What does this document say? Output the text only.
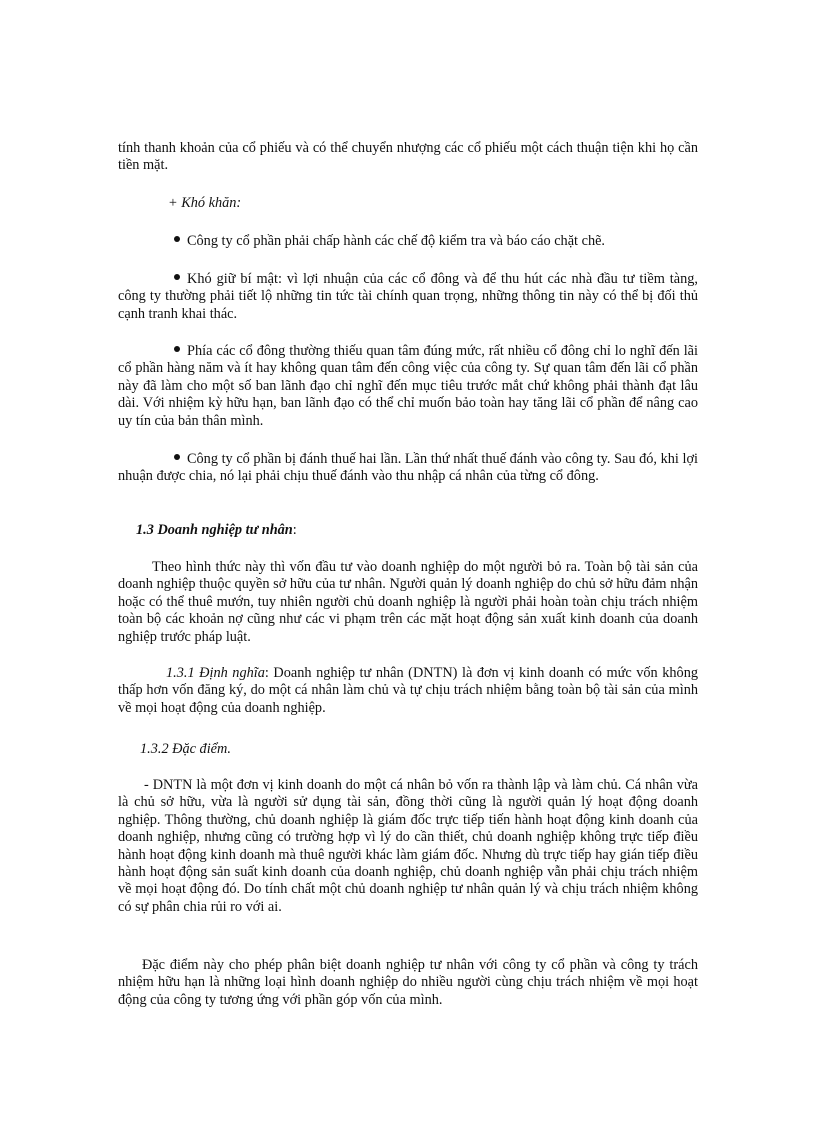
tính thanh khoản của cổ phiếu và có thể chuyển nhượng các cổ phiếu một cách thuận tiện khi họ cần tiền mặt.

+ Khó khăn:

Công ty cổ phần phải chấp hành các chế độ kiểm tra và báo cáo chặt chẽ.

Khó giữ bí mật: vì lợi nhuận của các cổ đông và để thu hút các nhà đầu tư tiềm tàng, công ty thường phải tiết lộ những tin tức tài chính quan trọng, những thông tin này có thể bị đối thủ cạnh tranh khai thác.

Phía các cổ đông thường thiếu quan tâm đúng mức, rất nhiều cổ đông chỉ lo nghĩ đến lãi cổ phần hàng năm và ít hay không quan tâm đến công việc của công ty. Sự quan tâm đến lãi cổ phần này đã làm cho một số ban lãnh đạo chỉ nghĩ đến mục tiêu trước mắt chứ không phải thành đạt lâu dài. Với nhiệm kỳ hữu hạn, ban lãnh đạo có thể chỉ muốn bảo toàn hay tăng lãi cổ phần để nâng cao uy tín của bản thân mình.

Công ty cổ phần bị đánh thuế hai lần. Lần thứ nhất thuế đánh vào công ty. Sau đó, khi lợi nhuận được chia, nó lại phải chịu thuế đánh vào thu nhập cá nhân của từng cổ đông.

1.3 Doanh nghiệp tư nhân:

Theo hình thức này thì vốn đầu tư vào doanh nghiệp do một người bỏ ra. Toàn bộ tài sản của doanh nghiệp thuộc quyền sở hữu của tư nhân. Người quản lý doanh nghiệp do chủ sở hữu đảm nhận hoặc có thể thuê mướn, tuy nhiên người chủ doanh nghiệp là người phải hoàn toàn chịu trách nhiệm toàn bộ các khoản nợ cũng như các vi phạm trên các mặt hoạt động sản xuất kinh doanh của doanh nghiệp trước pháp luật.

1.3.1 Định nghĩa: Doanh nghiệp tư nhân (DNTN) là đơn vị kinh doanh có mức vốn không thấp hơn vốn đăng ký, do một cá nhân làm chủ và tự chịu trách nhiệm bằng toàn bộ tài sản của mình về mọi hoạt động của doanh nghiệp.

1.3.2 Đặc điểm.

- DNTN là một đơn vị kinh doanh do một cá nhân bỏ vốn ra thành lập và làm chủ. Cá nhân vừa là chủ sở hữu, vừa là người sử dụng tài sản, đồng thời cũng là người quản lý hoạt động doanh nghiệp. Thông thường, chủ doanh nghiệp là giám đốc trực tiếp tiến hành hoạt động kinh doanh của doanh nghiệp, nhưng cũng có trường hợp vì lý do cần thiết, chủ doanh nghiệp không trực tiếp điều hành hoạt động kinh doanh mà thuê người khác làm giám đốc. Nhưng dù trực tiếp hay gián tiếp điều hành hoạt động sản suất kinh doanh của doanh nghiệp, chủ doanh nghiệp vẫn phải chịu trách nhiệm về mọi hoạt động đó. Do tính chất một chủ doanh nghiệp tư nhân quản lý và chịu trách nhiệm không có sự phân chia rủi ro với ai.

Đặc điểm này cho phép phân biệt doanh nghiệp tư nhân với công ty cổ phần và công ty trách nhiệm hữu hạn là những loại hình doanh nghiệp do nhiều người cùng chịu trách nhiệm về mọi hoạt động của công ty tương ứng với phần góp vốn của mình.
